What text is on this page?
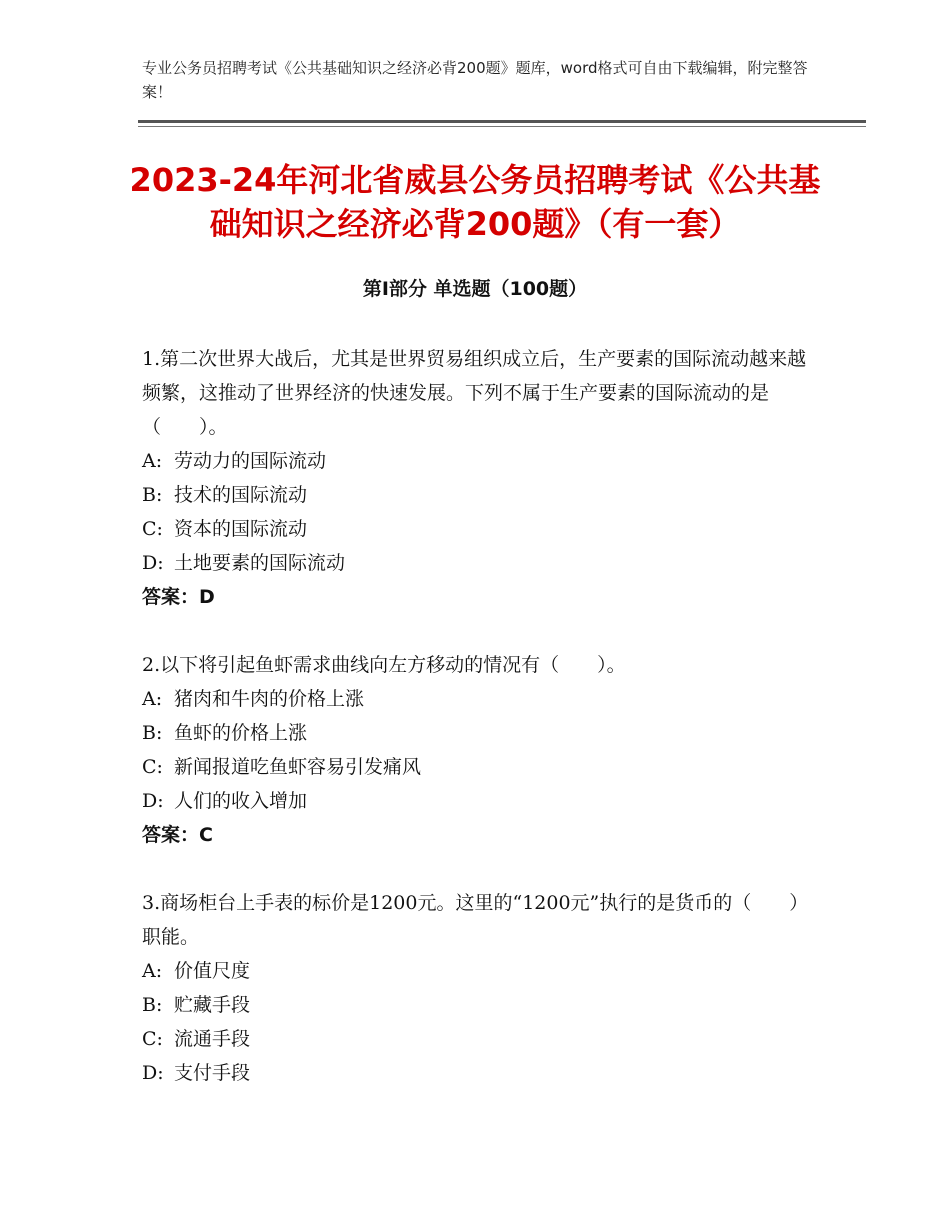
专业公务员招聘考试《公共基础知识之经济必背200题》题库，word格式可自由下载编辑，附完整答案！
2023-24年河北省威县公务员招聘考试《公共基础知识之经济必背200题》（有一套）
第Ⅰ部分 单选题（100题）

1.第二次世界大战后，尤其是世界贸易组织成立后，生产要素的国际流动越来越频繁，这推动了世界经济的快速发展。下列不属于生产要素的国际流动的是（　　）。

A: 劳动力的国际流动

B: 技术的国际流动

C: 资本的国际流动

D: 土地要素的国际流动

答案：D

2.以下将引起鱼虾需求曲线向左方移动的情况有（　　）。

A: 猪肉和牛肉的价格上涨

B: 鱼虾的价格上涨

C: 新闻报道吃鱼虾容易引发痛风

D: 人们的收入增加

答案：C

3.商场柜台上手表的标价是1200元。这里的“1200元”执行的是货币的（　　）职能。

A: 价值尺度

B: 贮藏手段

C: 流通手段

D: 支付手段
